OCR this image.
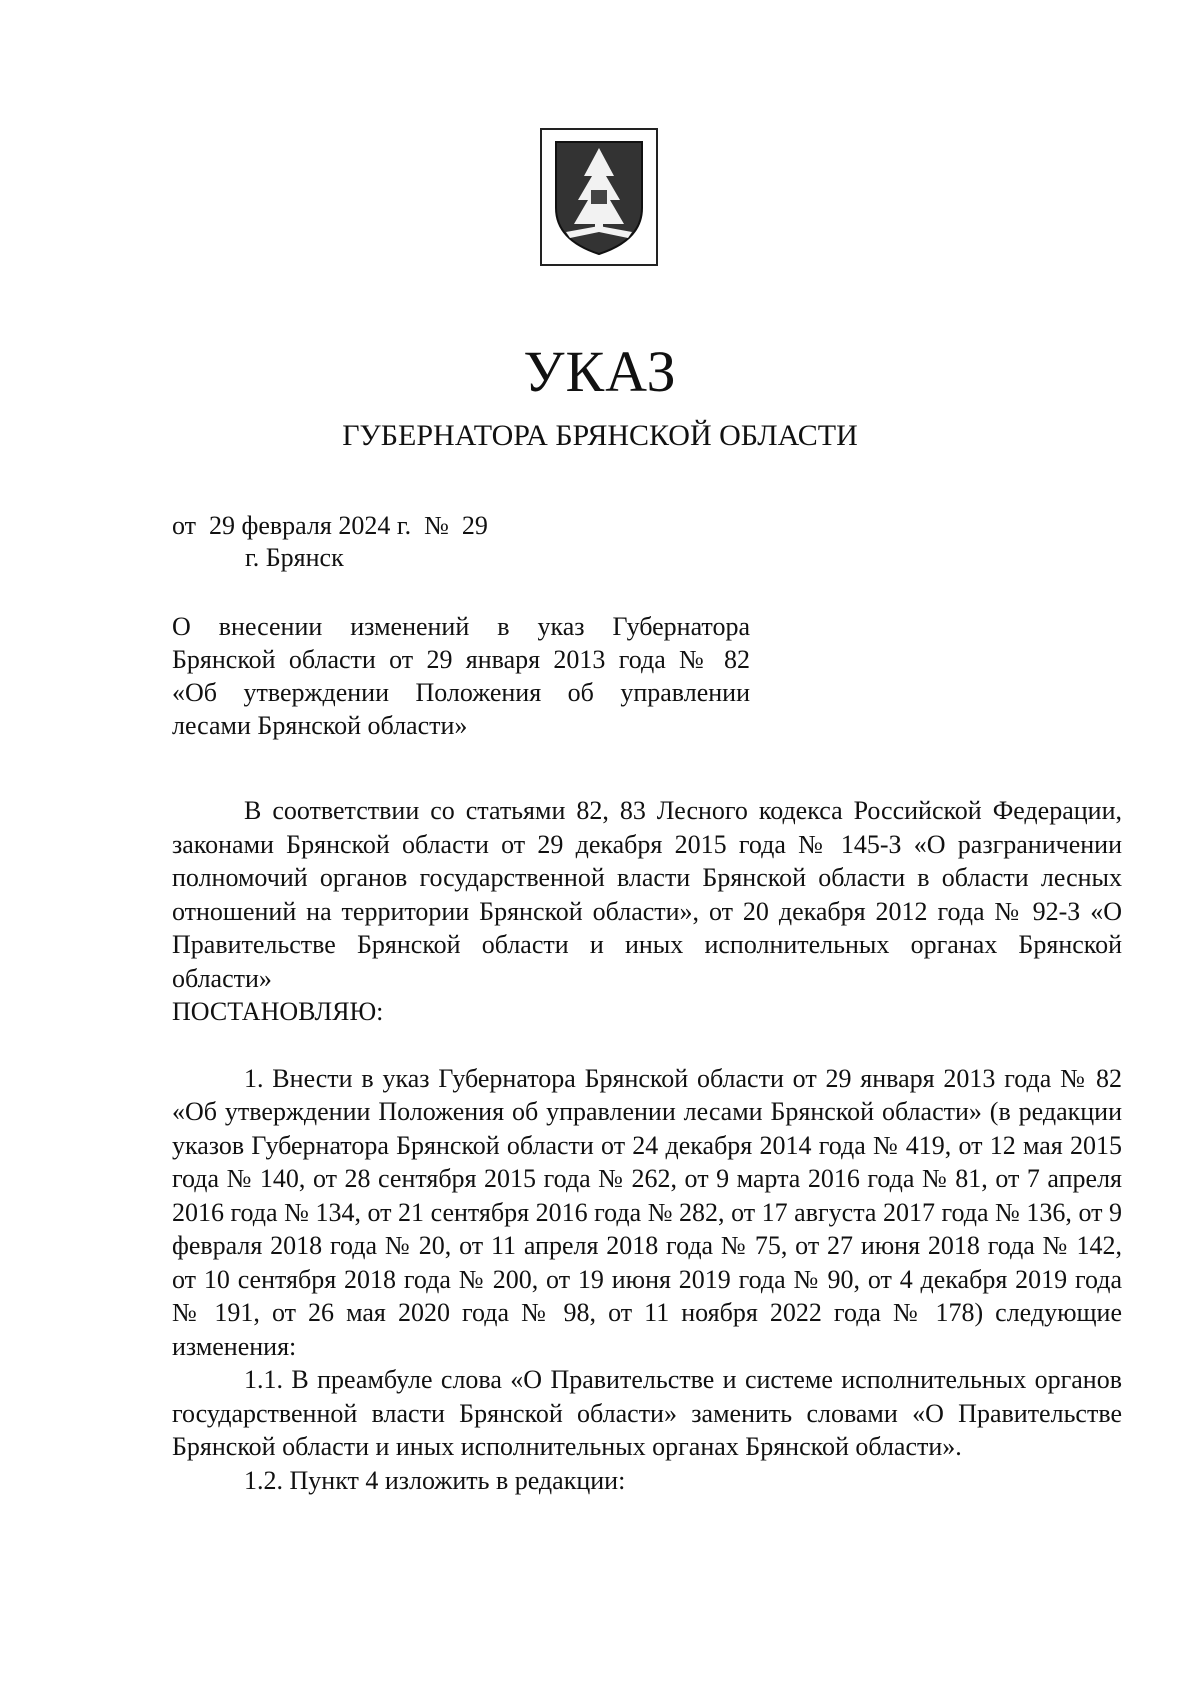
УКАЗ
ГУБЕРНАТОРА БРЯНСКОЙ ОБЛАСТИ
от  29 февраля 2024 г.  №  29
г. Брянск
О внесении изменений в указ Губернатора
Брянской области от 29 января 2013 года № 82
«Об утверждении Положения об управлении
лесами Брянской области»

В соответствии со статьями 82, 83 Лесного кодекса Российской Федерации, законами Брянской области от 29 декабря 2015 года № 145-З «О разграничении полномочий органов государственной власти Брянской области в области лесных отношений на территории Брянской области», от 20 декабря 2012 года № 92-З «О Правительстве Брянской области и иных исполнительных органах Брянской области»

ПОСТАНОВЛЯЮ:

1. Внести в указ Губернатора Брянской области от 29 января 2013 года № 82 «Об утверждении Положения об управлении лесами Брянской области» (в редакции указов Губернатора Брянской области от 24 декабря 2014 года № 419, от 12 мая 2015 года № 140, от 28 сентября 2015 года № 262, от 9 марта 2016 года № 81, от 7 апреля 2016 года № 134, от 21 сентября 2016 года № 282, от 17 августа 2017 года № 136, от 9 февраля 2018 года № 20, от 11 апреля 2018 года № 75, от 27 июня 2018 года № 142, от 10 сентября 2018 года № 200, от 19 июня 2019 года № 90, от 4 декабря 2019 года № 191, от 26 мая 2020 года № 98, от 11 ноября 2022 года № 178) следующие изменения:

1.1. В преамбуле слова «О Правительстве и системе исполнительных органов государственной власти Брянской области» заменить словами «О Правительстве Брянской области и иных исполнительных органах Брянской области».

1.2. Пункт 4 изложить в редакции:
